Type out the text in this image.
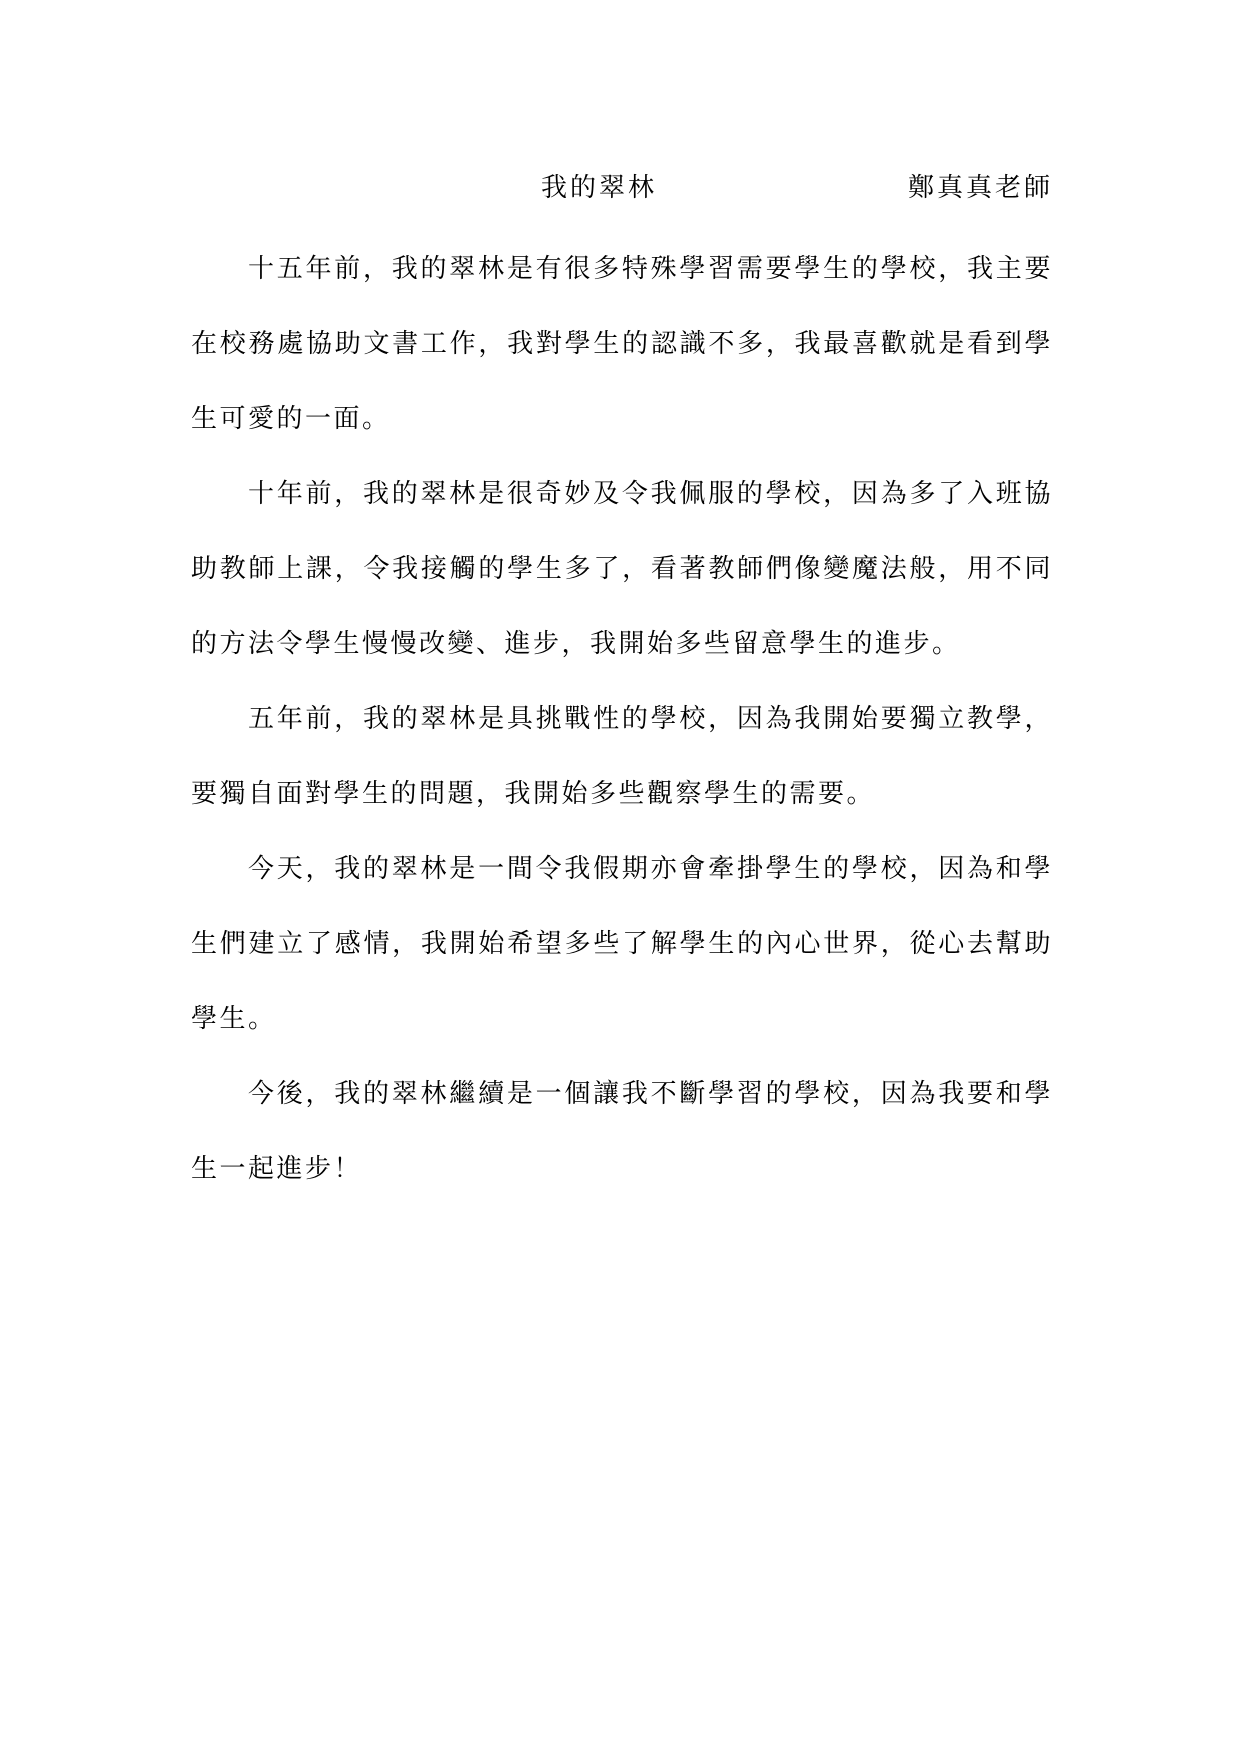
我的翠林	鄭真真老師

十五年前，我的翠林是有很多特殊學習需要學生的學校，我主要在校務處協助文書工作，我對學生的認識不多，我最喜歡就是看到學生可愛的一面。

十年前，我的翠林是很奇妙及令我佩服的學校，因為多了入班協助教師上課，令我接觸的學生多了，看著教師們像變魔法般，用不同的方法令學生慢慢改變、進步，我開始多些留意學生的進步。

五年前，我的翠林是具挑戰性的學校，因為我開始要獨立教學，要獨自面對學生的問題，我開始多些觀察學生的需要。

今天，我的翠林是一間令我假期亦會牽掛學生的學校，因為和學生們建立了感情，我開始希望多些了解學生的內心世界，從心去幫助學生。

今後，我的翠林繼續是一個讓我不斷學習的學校，因為我要和學生一起進步！
